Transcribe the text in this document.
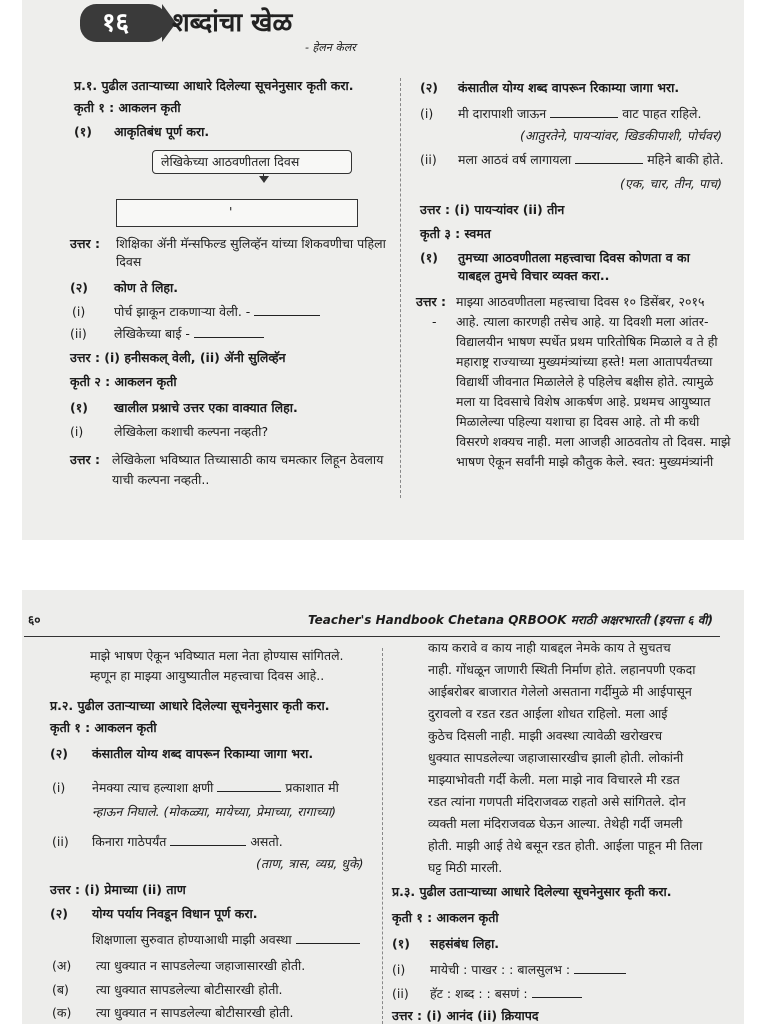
१६	शब्दांचा खेळ
- हेलन केलर
प्र.१. पुढील उताऱ्याच्या आधारे दिलेल्या सूचनेनुसार कृती करा.
कृती १ : आकलन कृती
(१) आकृतिबंध पूर्ण करा.
लेखिकेच्या आठवणीतला दिवस
'
उत्तर : शिक्षिका ॲनी मॅन्सफिल्ड सुलिव्हॅन यांच्या शिकवणीचा पहिला
दिवस
(२) कोण ते लिहा.
(i) पोर्च झाकून टाकणाऱ्या वेली. -
(ii) लेखिकेच्या बाई -
उत्तर : (i) हनीसकल् वेली, (ii) ॲनी सुलिव्हॅन
कृती २ : आकलन कृती
(१) खालील प्रश्नाचे उत्तर एका वाक्यात लिहा.
(i) लेखिकेला कशाची कल्पना नव्हती?
उत्तर : लेखिकेला भविष्यात तिच्यासाठी काय चमत्कार लिहून ठेवलाय
याची कल्पना नव्हती..
(२) कंसातील योग्य शब्द वापरून रिकाम्या जागा भरा.
(i) मी दारापाशी जाऊन	वाट पाहत राहिले.
(आतुरतेने, पायऱ्यांवर, खिडकीपाशी, पोर्चवर)
(ii) मला आठवं वर्ष लागायला	महिने बाकी होते.
(एक, चार, तीन, पाच)
उत्तर : (i) पायऱ्यांवर (ii) तीन
कृती ३ : स्वमत
(१) तुमच्या आठवणीतला महत्त्वाचा दिवस कोणता व का
याबद्दल तुमचे विचार व्यक्त करा..
उत्तर :
-
माझ्या आठवणीतला महत्त्वाचा दिवस १० डिसेंबर, २०१५
आहे. त्याला कारणही तसेच आहे. या दिवशी मला आंतर-
विद्यालयीन भाषण स्पर्धेत प्रथम पारितोषिक मिळाले व ते ही
महाराष्ट्र राज्याच्या मुख्यमंत्र्यांच्या हस्ते! मला आतापर्यंतच्या
विद्यार्थी जीवनात मिळालेले हे पहिलेच बक्षीस होते. त्यामुळे
मला या दिवसाचे विशेष आकर्षण आहे. प्रथमच आयुष्यात
मिळालेल्या पहिल्या यशाचा हा दिवस आहे. तो मी कधी
विसरणे शक्यच नाही. मला आजही आठवतोय तो दिवस. माझे
भाषण ऐकून सर्वांनी माझे कौतुक केले. स्वत: मुख्यमंत्र्यांनी
६०	Teacher's Handbook Chetana QRBOOK मराठी अक्षरभारती (इयत्ता ६ वी)
माझे भाषण ऐकून भविष्यात मला नेता होण्यास सांगितले.
म्हणून हा माझ्या आयुष्यातील महत्त्वाचा दिवस आहे..
प्र.२. पुढील उताऱ्याच्या आधारे दिलेल्या सूचनेनुसार कृती करा.
कृती १ : आकलन कृती
(२) कंसातील योग्य शब्द वापरून रिकाम्या जागा भरा.
(i) नेमक्या त्याच हल्याशा क्षणी	प्रकाशात मी
न्हाऊन निघाले. (मोकळ्या, मायेच्या, प्रेमाच्या, रागाच्या)
(ii) किनारा गाठेपर्यंत	असतो.
(ताण, त्रास, व्यग्र, धुके)
उत्तर : (i) प्रेमाच्या (ii) ताण
(२) योग्य पर्याय निवडून विधान पूर्ण करा.
शिक्षणाला सुरुवात होण्याआधी माझी अवस्था
(अ) त्या धुक्यात न सापडलेल्या जहाजासारखी होती.
(ब) त्या धुक्यात सापडलेल्या बोटीसारखी होती.
(क) त्या धुक्यात न सापडलेल्या बोटीसारखी होती.
काय करावे व काय नाही याबद्दल नेमके काय ते सुचतच
नाही. गोंधळून जाणारी स्थिती निर्माण होते. लहानपणी एकदा
आईबरोबर बाजारात गेलेलो असताना गर्दीमुळे मी आईपासून
दुरावलो व रडत रडत आईला शोधत राहिलो. मला आई
कुठेच दिसली नाही. माझी अवस्था त्यावेळी खरोखरच
धुक्यात सापडलेल्या जहाजासारखीच झाली होती. लोकांनी
माझ्याभोवती गर्दी केली. मला माझे नाव विचारले मी रडत
रडत त्यांना गणपती मंदिराजवळ राहतो असे सांगितले. दोन
व्यक्ती मला मंदिराजवळ घेऊन आल्या. तेथेही गर्दी जमली
होती. माझी आई तेथे बसून रडत होती. आईला पाहून मी तिला
घट्ट मिठी मारली.
प्र.३. पुढील उताऱ्याच्या आधारे दिलेल्या सूचनेनुसार कृती करा.
कृती १ : आकलन कृती
(१) सहसंबंध लिहा.
(i) मायेची : पाखर : : बालसुलभ :
(ii) हॅट : शब्द : : बसणं :
उत्तर : (i) आनंद (ii) क्रियापद
